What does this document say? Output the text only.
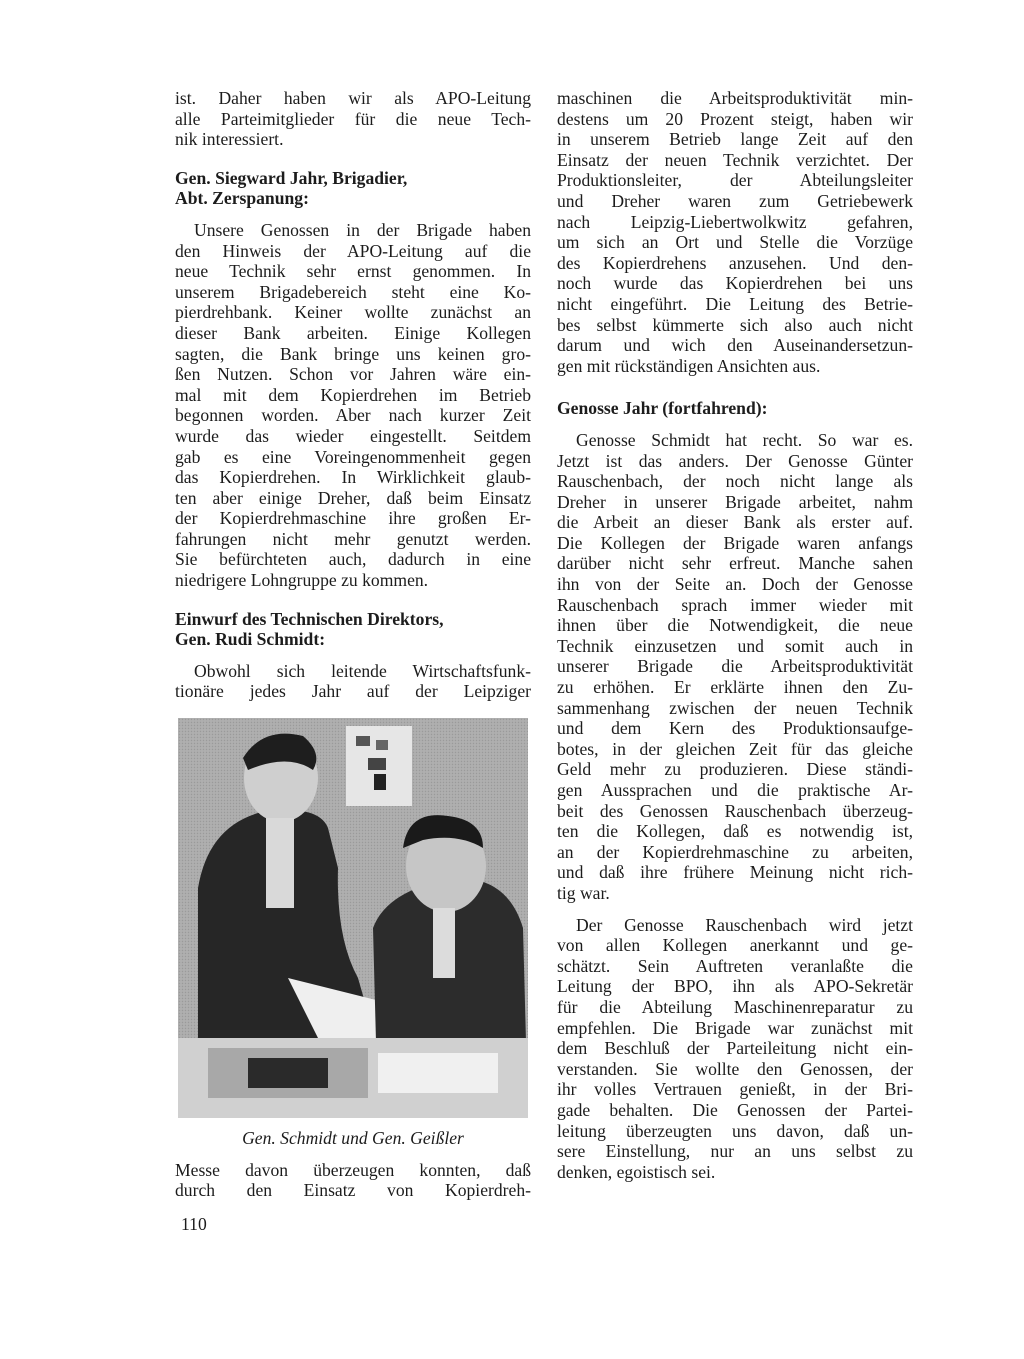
ist. Daher haben wir als APO-Leitung
alle Parteimitglieder für die neue Tech-
nik interessiert.
Gen. Siegward Jahr, Brigadier,
Abt. Zerspanung:
Unsere Genossen in der Brigade haben
den Hinweis der APO-Leitung auf die
neue Technik sehr ernst genommen. In
unserem Brigadebereich steht eine Ko-
pierdrehbank. Keiner wollte zunächst an
dieser Bank arbeiten. Einige Kollegen
sagten, die Bank bringe uns keinen gro-
ßen Nutzen. Schon vor Jahren wäre ein-
mal mit dem Kopierdrehen im Betrieb
begonnen worden. Aber nach kurzer Zeit
wurde das wieder eingestellt. Seitdem
gab es eine Voreingenommenheit gegen
das Kopierdrehen. In Wirklichkeit glaub-
ten aber einige Dreher, daß beim Einsatz
der Kopierdrehmaschine ihre großen Er-
fahrungen nicht mehr genutzt werden.
Sie befürchteten auch, dadurch in eine
niedrigere Lohngruppe zu kommen.
Einwurf des Technischen Direktors,
Gen. Rudi Schmidt:
Obwohl sich leitende Wirtschaftsfunk-
tionäre jedes Jahr auf der Leipziger
Gen. Schmidt und Gen. Geißler
Messe davon überzeugen konnten, daß
durch den Einsatz von Kopierdreh-
maschinen die Arbeitsproduktivität min-
destens um 20 Prozent steigt, haben wir
in unserem Betrieb lange Zeit auf den
Einsatz der neuen Technik verzichtet. Der
Produktionsleiter, der Abteilungsleiter
und Dreher waren zum Getriebewerk
nach Leipzig-Liebertwolkwitz gefahren,
um sich an Ort und Stelle die Vorzüge
des Kopierdrehens anzusehen. Und den-
noch wurde das Kopierdrehen bei uns
nicht eingeführt. Die Leitung des Betrie-
bes selbst kümmerte sich also auch nicht
darum und wich den Auseinandersetzun-
gen mit rückständigen Ansichten aus.
Genosse Jahr (fortfahrend):
Genosse Schmidt hat recht. So war es.
Jetzt ist das anders. Der Genosse Günter
Rauschenbach, der noch nicht lange als
Dreher in unserer Brigade arbeitet, nahm
die Arbeit an dieser Bank als erster auf.
Die Kollegen der Brigade waren anfangs
darüber nicht sehr erfreut. Manche sahen
ihn von der Seite an. Doch der Genosse
Rauschenbach sprach immer wieder mit
ihnen über die Notwendigkeit, die neue
Technik einzusetzen und somit auch in
unserer Brigade die Arbeitsproduktivität
zu erhöhen. Er erklärte ihnen den Zu-
sammenhang zwischen der neuen Technik
und dem Kern des Produktionsaufge-
botes, in der gleichen Zeit für das gleiche
Geld mehr zu produzieren. Diese ständi-
gen Aussprachen und die praktische Ar-
beit des Genossen Rauschenbach überzeug-
ten die Kollegen, daß es notwendig ist,
an der Kopierdrehmaschine zu arbeiten,
und daß ihre frühere Meinung nicht rich-
tig war.
Der Genosse Rauschenbach wird jetzt
von allen Kollegen anerkannt und ge-
schätzt. Sein Auftreten veranlaßte die
Leitung der BPO, ihn als APO-Sekretär
für die Abteilung Maschinenreparatur zu
empfehlen. Die Brigade war zunächst mit
dem Beschluß der Parteileitung nicht ein-
verstanden. Sie wollte den Genossen, der
ihr volles Vertrauen genießt, in der Bri-
gade behalten. Die Genossen der Partei-
leitung überzeugten uns davon, daß un-
sere Einstellung, nur an uns selbst zu
denken, egoistisch sei.
110
